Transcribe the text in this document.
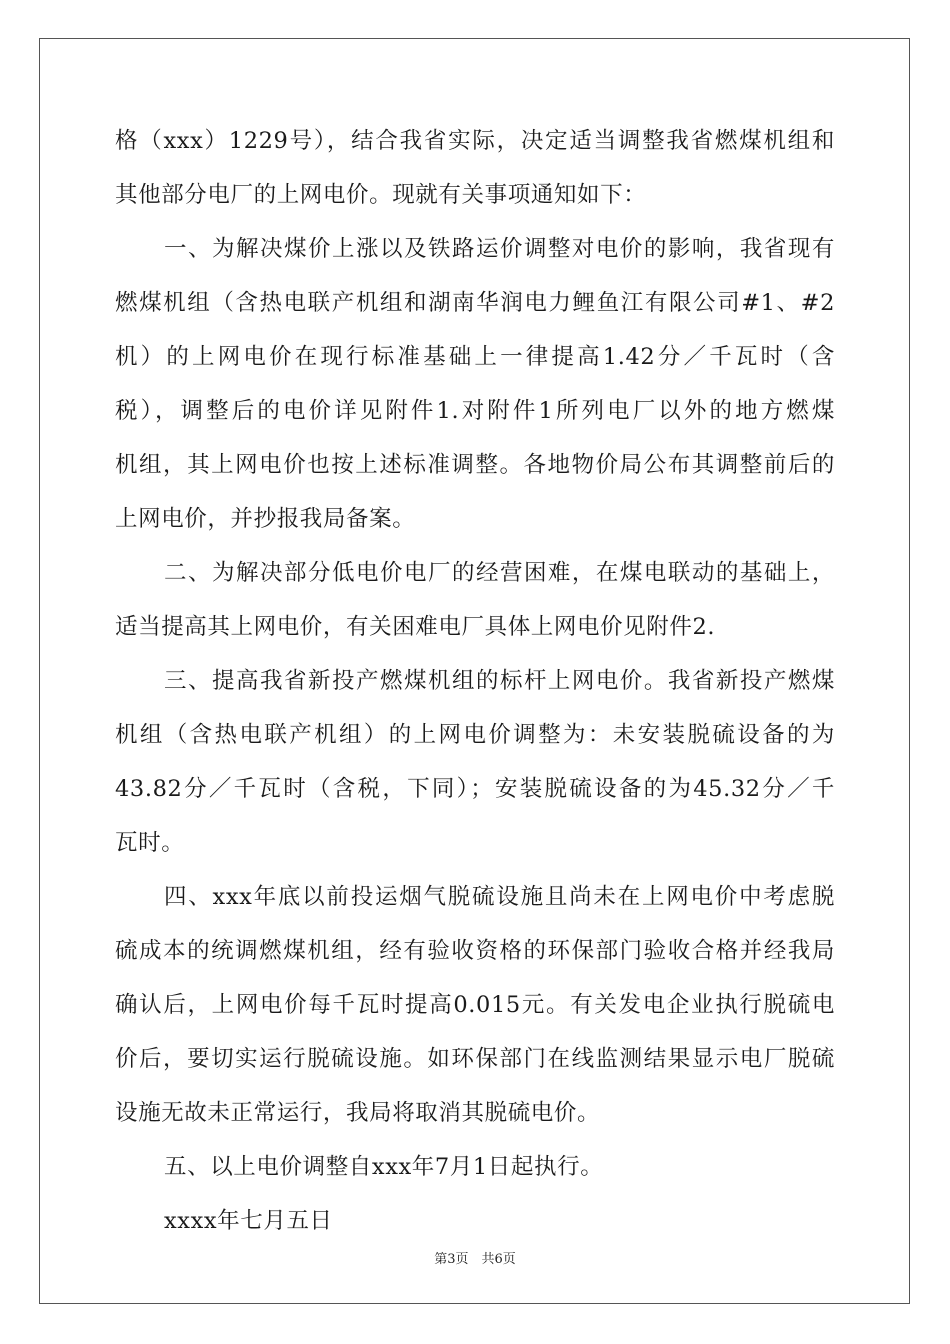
格（xxx）1229号），结合我省实际，决定适当调整我省燃煤机组和
其他部分电厂的上网电价。现就有关事项通知如下：
一、为解决煤价上涨以及铁路运价调整对电价的影响，我省现有
燃煤机组（含热电联产机组和湖南华润电力鲤鱼江有限公司#1、#2
机）的上网电价在现行标准基础上一律提高1.42分／千瓦时（含
税），调整后的电价详见附件1.对附件1所列电厂以外的地方燃煤
机组，其上网电价也按上述标准调整。各地物价局公布其调整前后的
上网电价，并抄报我局备案。
二、为解决部分低电价电厂的经营困难，在煤电联动的基础上，
适当提高其上网电价，有关困难电厂具体上网电价见附件2.
三、提高我省新投产燃煤机组的标杆上网电价。我省新投产燃煤
机组（含热电联产机组）的上网电价调整为：未安装脱硫设备的为
43.82分／千瓦时（含税，下同）；安装脱硫设备的为45.32分／千
瓦时。
四、xxx年底以前投运烟气脱硫设施且尚未在上网电价中考虑脱
硫成本的统调燃煤机组，经有验收资格的环保部门验收合格并经我局
确认后，上网电价每千瓦时提高0.015元。有关发电企业执行脱硫电
价后，要切实运行脱硫设施。如环保部门在线监测结果显示电厂脱硫
设施无故未正常运行，我局将取消其脱硫电价。
五、以上电价调整自xxx年7月1日起执行。
xxxx年七月五日
第3页　共6页
